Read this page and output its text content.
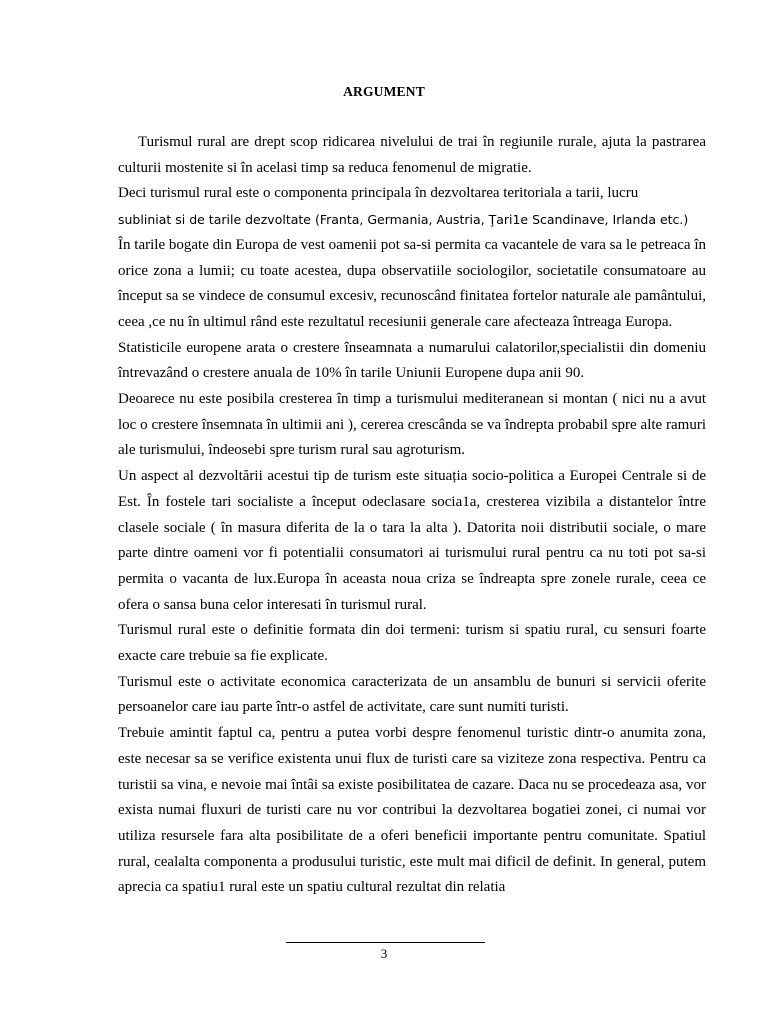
ARGUMENT

Turismul rural are drept scop ridicarea nivelului de trai în regiunile rurale, ajuta la pastrarea culturii mostenite si în acelasi timp sa reduca fenomenul de migratie.

Deci turismul rural este o componenta principala în dezvoltarea teritoriala a tarii, lucru

subliniat si de tarile dezvoltate (Franta, Germania, Austria, Ţari1e Scandinave, Irlanda etc.)

În tarile bogate din Europa de vest oamenii pot sa-si permita ca vacantele de vara sa le petreaca în orice zona a lumii; cu toate acestea, dupa observatiile sociologilor, societatile consumatoare au început sa se vindece de consumul excesiv, recunoscând finitatea fortelor naturale ale pamântului, ceea ,ce nu în ultimul rând este rezultatul recesiunii generale care afecteaza întreaga Europa.

Statisticile europene arata o crestere înseamnata a numarului calatorilor,specialistii din domeniu întrevazând o crestere anuala de 10% în tarile Uniunii Europene dupa anii 90.

Deoarece nu este posibila cresterea în timp a turismului mediteranean si montan ( nici nu a avut loc o crestere însemnata în ultimii ani ), cererea crescânda se va îndrepta probabil spre alte ramuri ale turismului, îndeosebi spre turism rural sau agroturism.

Un aspect al dezvoltării acestui tip de turism este situația socio-politica a Europei Centrale si de Est. În fostele tari socialiste a început odeclasare socia1a, cresterea vizibila a distantelor între clasele sociale ( în masura diferita de la o tara la alta ). Datorita noii distributii sociale, o mare parte dintre oameni vor fi potentialii consumatori ai turismului rural pentru ca nu toti pot sa-si permita o vacanta de lux.Europa în aceasta noua criza se îndreapta spre zonele rurale, ceea ce ofera o sansa buna celor interesati în turismul rural.

Turismul rural este o definitie formata din doi termeni: turism si spatiu rural, cu sensuri foarte exacte care trebuie sa fie explicate.

Turismul este o activitate economica caracterizata de un ansamblu de bunuri si servicii oferite persoanelor care iau parte într-o astfel de activitate, care sunt numiti turisti.

Trebuie amintit faptul ca, pentru a putea vorbi despre fenomenul turistic dintr-o anumita zona, este necesar sa se verifice existenta unui flux de turisti care sa viziteze zona respectiva. Pentru ca turistii sa vina, e nevoie mai întâi sa existe posibilitatea de cazare. Daca nu se procedeaza asa, vor exista numai fluxuri de turisti care nu vor contribui la dezvoltarea bogatiei zonei, ci numai vor utiliza resursele fara alta posibilitate de a oferi beneficii importante pentru comunitate. Spatiul rural, cealalta componenta a produsului turistic, este mult mai dificil de definit. In general, putem aprecia ca spatiu1 rural este un spatiu cultural rezultat din relatia

3
